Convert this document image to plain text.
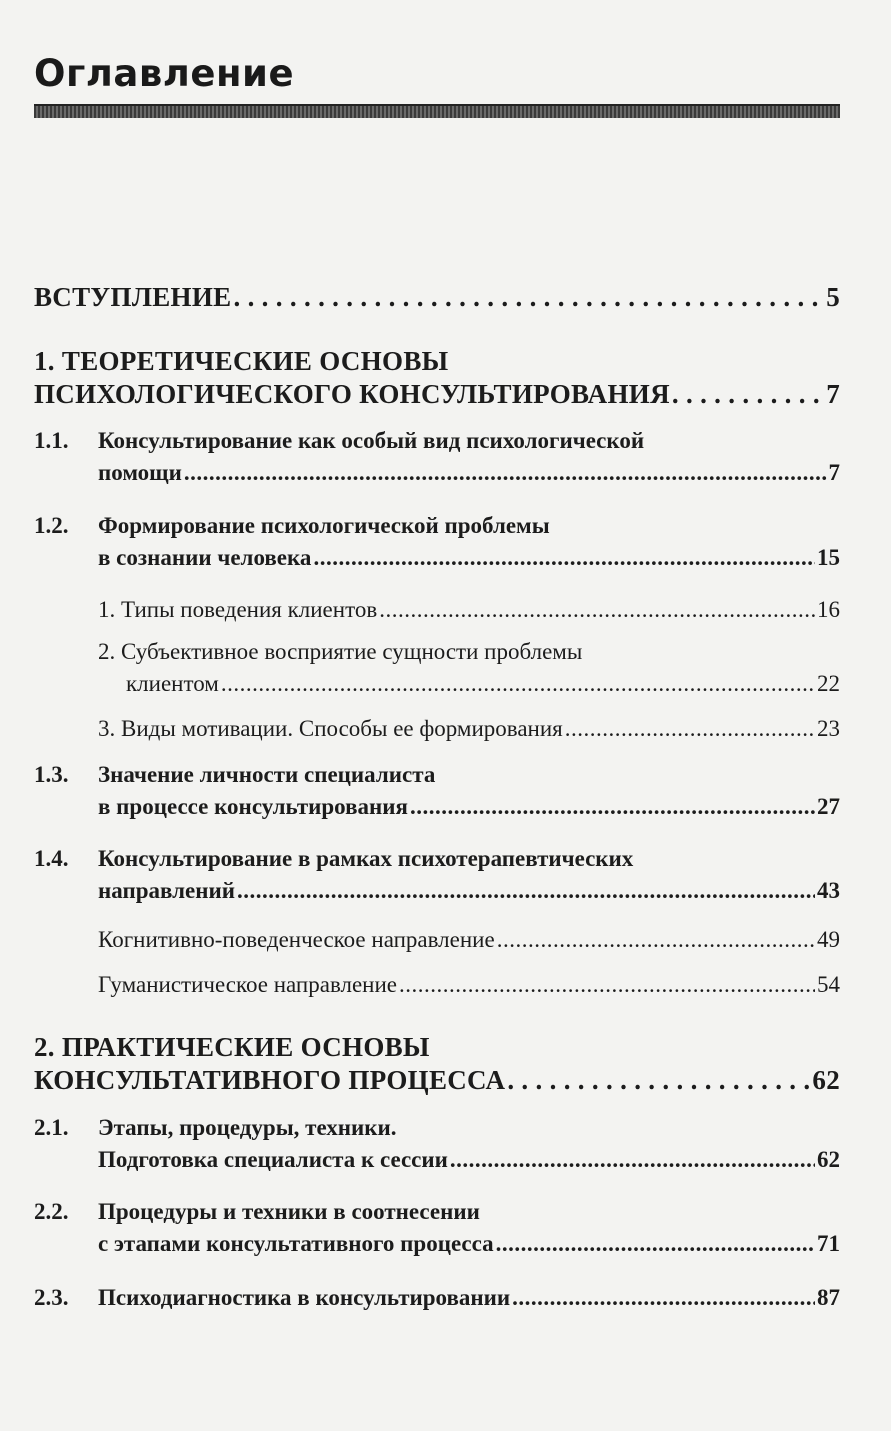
Оглавление
ВСТУПЛЕНИЕ . . .	5
1. ТЕОРЕТИЧЕСКИЕ ОСНОВЫ
ПСИХОЛОГИЧЕСКОГО КОНСУЛЬТИРОВАНИЯ . . .	7
1.1.	Консультирование как особый вид психологической
помощи .....	7
1.2.	Формирование психологической проблемы
в сознании человека .....	15
1. Типы поведения клиентов .....	16
2. Субъективное восприятие сущности проблемы
клиентом .....	22
3. Виды мотивации. Способы ее формирования .....	23
1.3.	Значение личности специалиста
в процессе консультирования .....	27
1.4.	Консультирование в рамках психотерапевтических
направлений .....	43
Когнитивно-поведенческое направление .....	49
Гуманистическое направление .....	54
2. ПРАКТИЧЕСКИЕ ОСНОВЫ
КОНСУЛЬТАТИВНОГО ПРОЦЕССА . . .	62
2.1.	Этапы, процедуры, техники.
Подготовка специалиста к сессии .....	62
2.2.	Процедуры и техники в соотнесении
с этапами консультативного процесса .....	71
2.3.	Психодиагностика в консультировании .....	87
